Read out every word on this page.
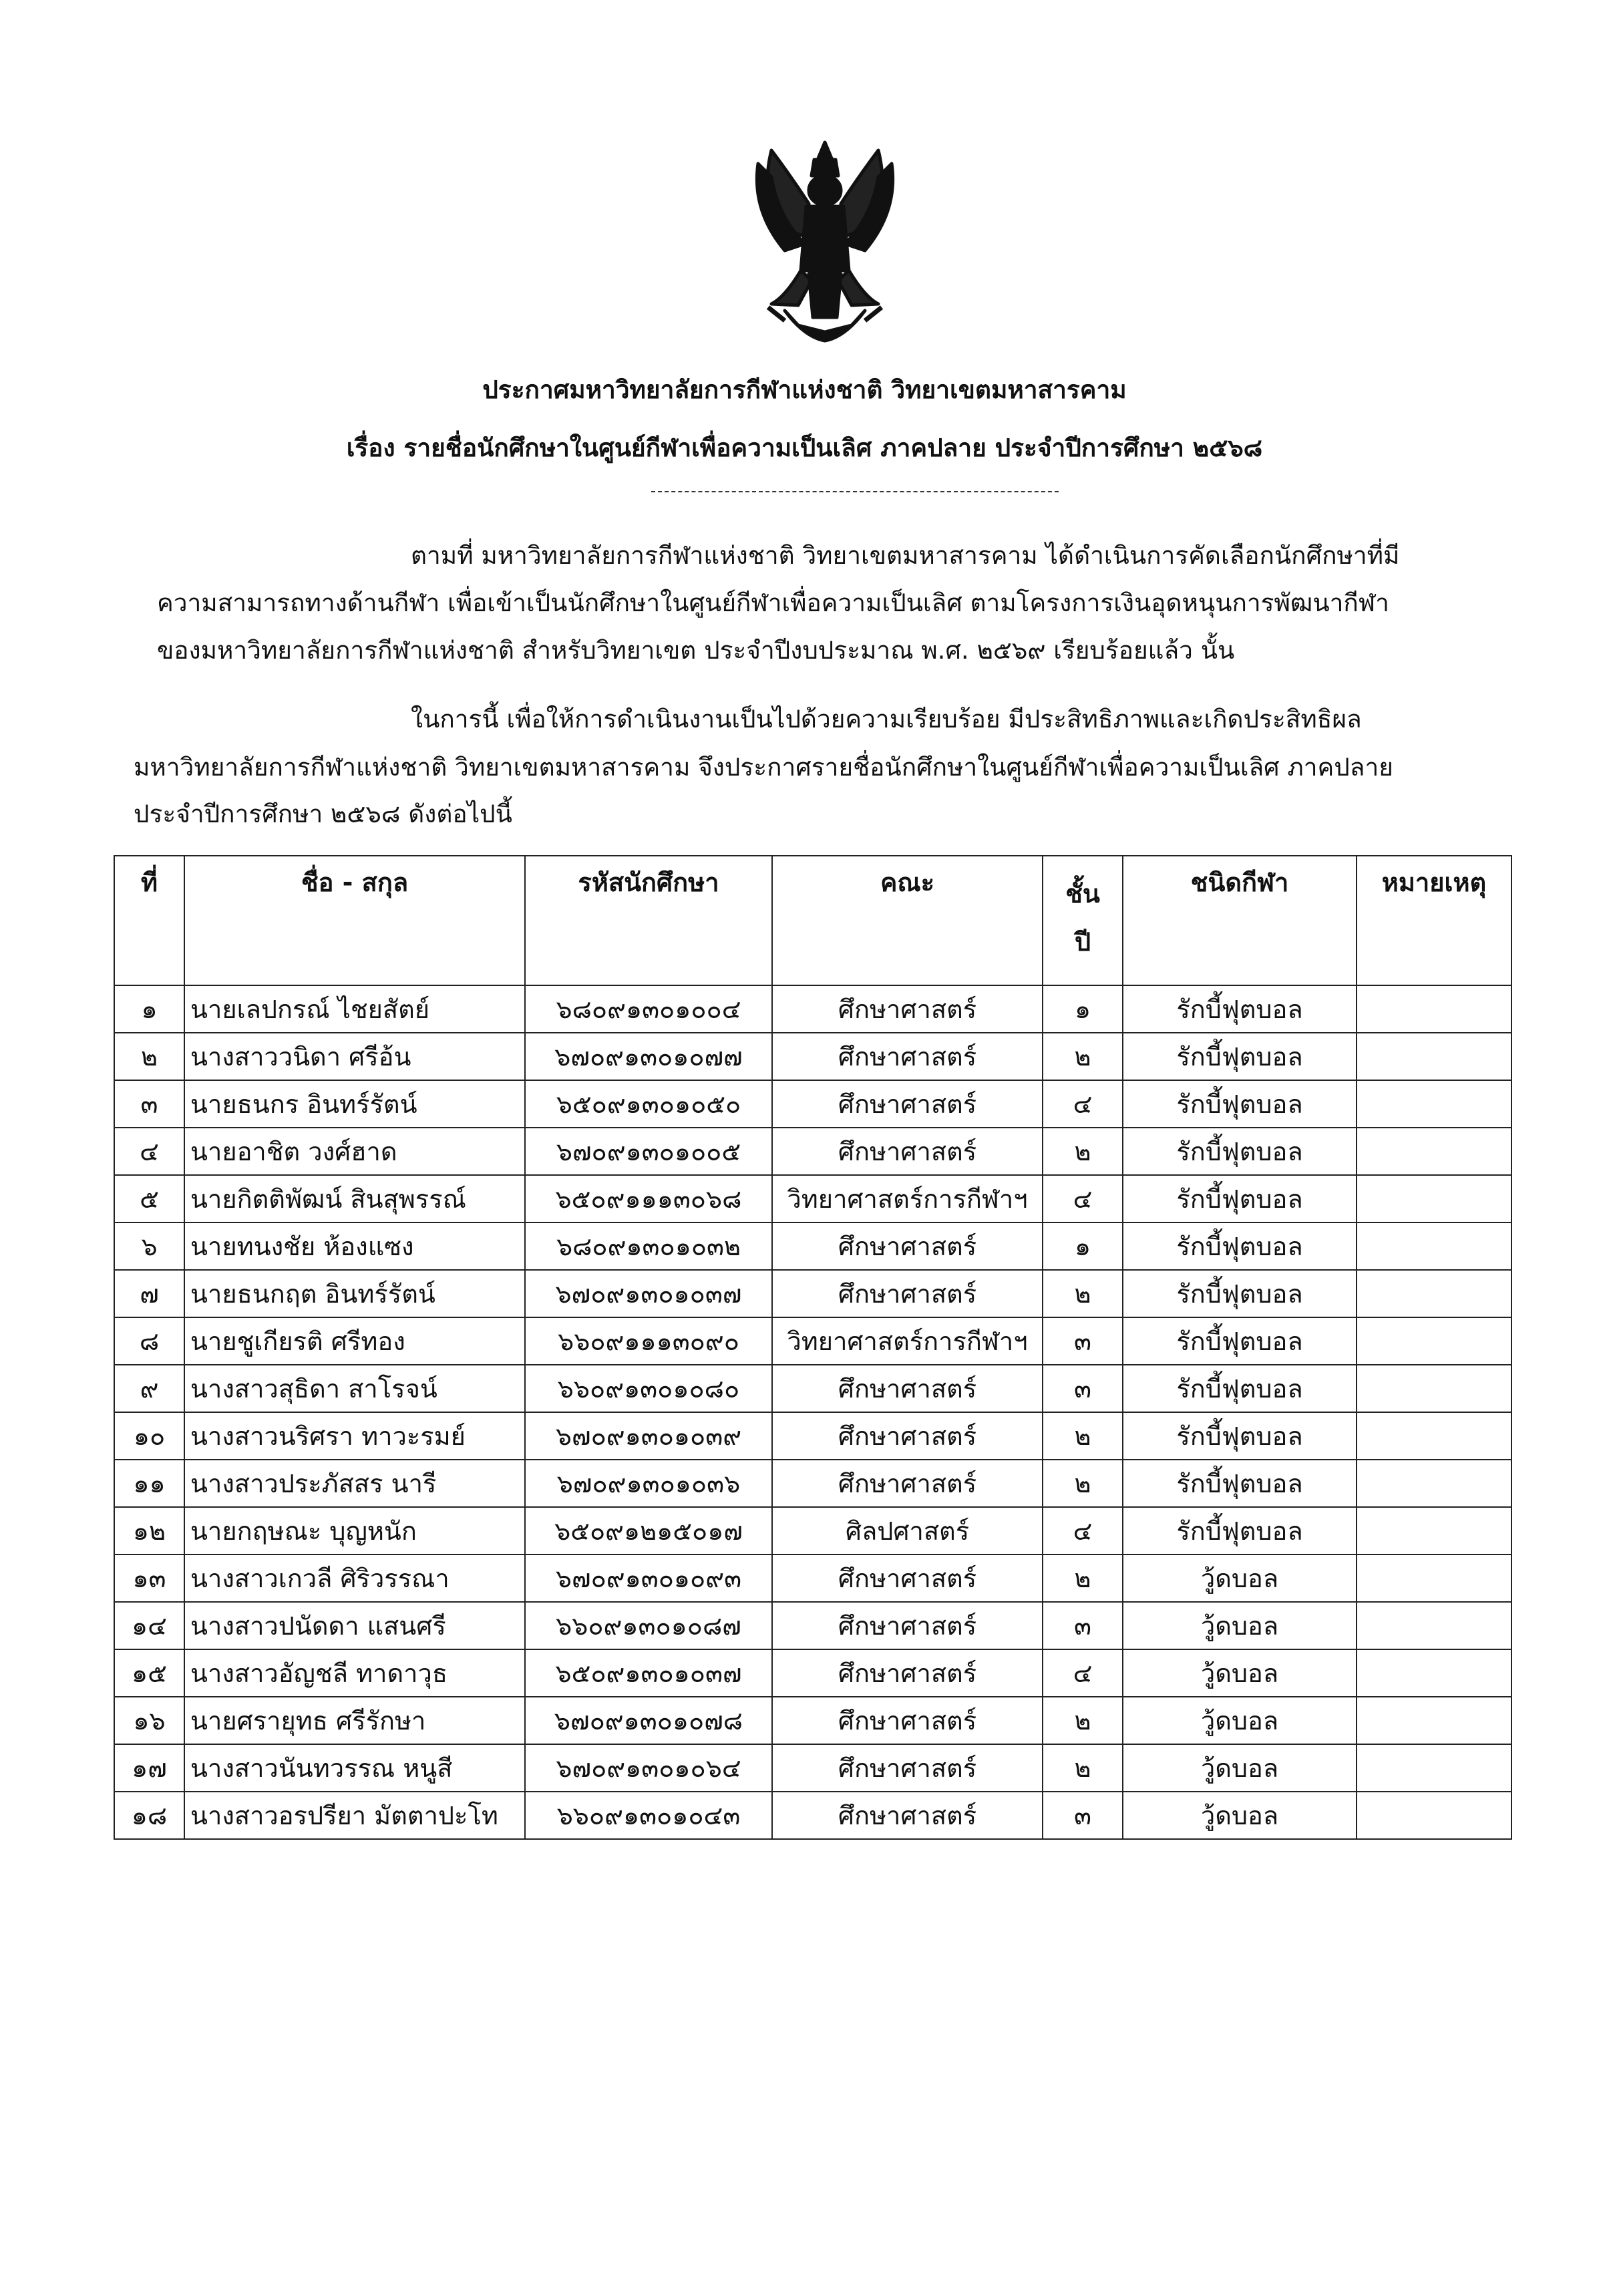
ประกาศมหาวิทยาลัยการกีฬาแห่งชาติ วิทยาเขตมหาสารคาม
เรื่อง รายชื่อนักศึกษาในศูนย์กีฬาเพื่อความเป็นเลิศ ภาคปลาย ประจำปีการศึกษา ๒๕๖๘
ตามที่ มหาวิทยาลัยการกีฬาแห่งชาติ วิทยาเขตมหาสารคาม ได้ดำเนินการคัดเลือกนักศึกษาที่มี
ความสามารถทางด้านกีฬา เพื่อเข้าเป็นนักศึกษาในศูนย์กีฬาเพื่อความเป็นเลิศ ตามโครงการเงินอุดหนุนการพัฒนากีฬา
ของมหาวิทยาลัยการกีฬาแห่งชาติ สำหรับวิทยาเขต ประจำปีงบประมาณ พ.ศ. ๒๕๖๙ เรียบร้อยแล้ว นั้น
ในการนี้ เพื่อให้การดำเนินงานเป็นไปด้วยความเรียบร้อย มีประสิทธิภาพและเกิดประสิทธิผล
มหาวิทยาลัยการกีฬาแห่งชาติ วิทยาเขตมหาสารคาม จึงประกาศรายชื่อนักศึกษาในศูนย์กีฬาเพื่อความเป็นเลิศ ภาคปลาย
ประจำปีการศึกษา ๒๕๖๘ ดังต่อไปนี้
ที่	ชื่อ - สกุล	รหัสนักศึกษา	คณะ	ชั้น ปี	ชนิดกีฬา	หมายเหตุ
๑	นายเลปกรณ์ ไชยสัตย์	๖๘๐๙๑๓๐๑๐๐๔	ศึกษาศาสตร์	๑	รักบี้ฟุตบอล	
๒	นางสาววนิดา ศรีอ้น	๖๗๐๙๑๓๐๑๐๗๗	ศึกษาศาสตร์	๒	รักบี้ฟุตบอล	
๓	นายธนกร อินทร์รัตน์	๖๕๐๙๑๓๐๑๐๕๐	ศึกษาศาสตร์	๔	รักบี้ฟุตบอล	
๔	นายอาชิต วงศ์ฮาด	๖๗๐๙๑๓๐๑๐๐๕	ศึกษาศาสตร์	๒	รักบี้ฟุตบอล	
๕	นายกิตติพัฒน์ สินสุพรรณ์	๖๕๐๙๑๑๑๓๐๖๘	วิทยาศาสตร์การกีฬาฯ	๔	รักบี้ฟุตบอล	
๖	นายทนงชัย ห้องแซง	๖๘๐๙๑๓๐๑๐๓๒	ศึกษาศาสตร์	๑	รักบี้ฟุตบอล	
๗	นายธนกฤต อินทร์รัตน์	๖๗๐๙๑๓๐๑๐๓๗	ศึกษาศาสตร์	๒	รักบี้ฟุตบอล	
๘	นายชูเกียรติ ศรีทอง	๖๖๐๙๑๑๑๓๐๙๐	วิทยาศาสตร์การกีฬาฯ	๓	รักบี้ฟุตบอล	
๙	นางสาวสุธิดา สาโรจน์	๖๖๐๙๑๓๐๑๐๘๐	ศึกษาศาสตร์	๓	รักบี้ฟุตบอล	
๑๐	นางสาวนริศรา ทาวะรมย์	๖๗๐๙๑๓๐๑๐๓๙	ศึกษาศาสตร์	๒	รักบี้ฟุตบอล	
๑๑	นางสาวประภัสสร นารี	๖๗๐๙๑๓๐๑๐๓๖	ศึกษาศาสตร์	๒	รักบี้ฟุตบอล	
๑๒	นายกฤษณะ บุญหนัก	๖๕๐๙๑๒๑๕๐๑๗	ศิลปศาสตร์	๔	รักบี้ฟุตบอล	
๑๓	นางสาวเกวลี ศิริวรรณา	๖๗๐๙๑๓๐๑๐๙๓	ศึกษาศาสตร์	๒	วู้ดบอล	
๑๔	นางสาวปนัดดา แสนศรี	๖๖๐๙๑๓๐๑๐๘๗	ศึกษาศาสตร์	๓	วู้ดบอล	
๑๕	นางสาวอัญชลี ทาดาวุธ	๖๕๐๙๑๓๐๑๐๓๗	ศึกษาศาสตร์	๔	วู้ดบอล	
๑๖	นายศรายุทธ ศรีรักษา	๖๗๐๙๑๓๐๑๐๗๘	ศึกษาศาสตร์	๒	วู้ดบอล	
๑๗	นางสาวนันทวรรณ หนูสี	๖๗๐๙๑๓๐๑๐๖๔	ศึกษาศาสตร์	๒	วู้ดบอล	
๑๘	นางสาวอรปรียา มัตตาปะโท	๖๖๐๙๑๓๐๑๐๔๓	ศึกษาศาสตร์	๓	วู้ดบอล	
